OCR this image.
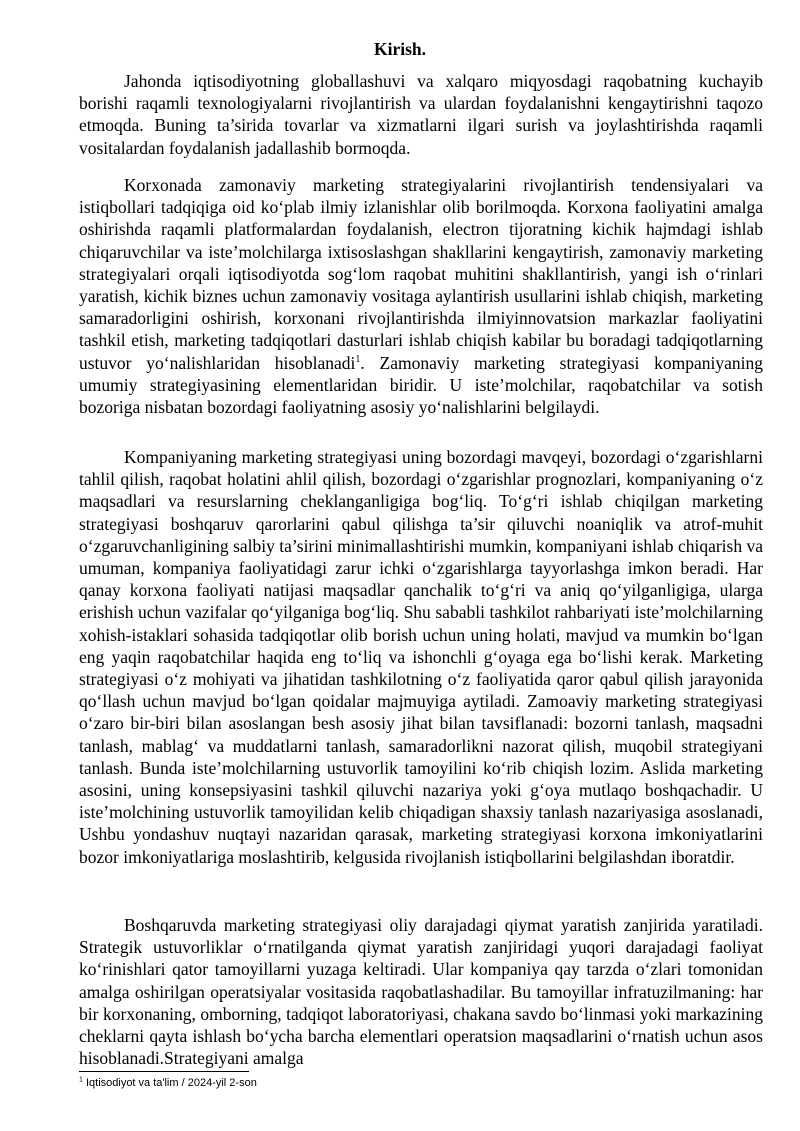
Kirish.

Jahonda iqtisodiyotning globallashuvi va xalqaro miqyosdagi raqobatning kuchayib borishi raqamli texnologiyalarni rivojlantirish va ulardan foydalanishni kengaytirishni taqozo etmoqda. Buning ta’sirida tovarlar va xizmatlarni ilgari surish va joylashtirishda raqamli vositalardan foydalanish jadallashib bormoqda.

Korxonada zamonaviy marketing strategiyalarini rivojlantirish tendensiyalari va istiqbollari tadqiqiga oid ko‘plab ilmiy izlanishlar olib borilmoqda. Korxona faoliyatini amalga oshirishda raqamli platformalardan foydalanish, electron tijoratning kichik hajmdagi ishlab chiqaruvchilar va iste’molchilarga ixtisoslashgan shakllarini kengaytirish, zamonaviy marketing strategiyalari orqali iqtisodiyotda sog‘lom raqobat muhitini shakllantirish, yangi ish o‘rinlari yaratish, kichik biznes uchun zamonaviy vositaga aylantirish usullarini ishlab chiqish, marketing samaradorligini oshirish, korxonani rivojlantirishda ilmiyinnovatsion markazlar faoliyatini tashkil etish, marketing tadqiqotlari dasturlari ishlab chiqish kabilar bu boradagi tadqiqotlarning ustuvor yo‘nalishlaridan hisoblanadi$^1$. Zamonaviy marketing strategiyasi kompaniyaning umumiy strategiyasining elementlaridan biridir. U iste’molchilar, raqobatchilar va sotish bozoriga nisbatan bozordagi faoliyatning asosiy yo‘nalishlarini belgilaydi.

Kompaniyaning marketing strategiyasi uning bozordagi mavqeyi, bozordagi o‘zgarishlarni tahlil qilish, raqobat holatini ahlil qilish, bozordagi o‘zgarishlar prognozlari, kompaniyaning o‘z maqsadlari va resurslarning cheklanganligiga bog‘liq. To‘g‘ri ishlab chiqilgan marketing strategiyasi boshqaruv qarorlarini qabul qilishga ta’sir qiluvchi noaniqlik va atrof-muhit o‘zgaruvchanligining salbiy ta’sirini minimallashtirishi mumkin, kompaniyani ishlab chiqarish va umuman, kompaniya faoliyatidagi zarur ichki o‘zgarishlarga tayyorlashga imkon beradi. Har qanay korxona faoliyati natijasi maqsadlar qanchalik to‘g‘ri va aniq qo‘yilganligiga, ularga erishish uchun vazifalar qo‘yilganiga bog‘liq. Shu sababli tashkilot rahbariyati iste’molchilarning xohish-istaklari sohasida tadqiqotlar olib borish uchun uning holati, mavjud va mumkin bo‘lgan eng yaqin raqobatchilar haqida eng to‘liq va ishonchli g‘oyaga ega bo‘lishi kerak. Marketing strategiyasi o‘z mohiyati va jihatidan tashkilotning o‘z faoliyatida qaror qabul qilish jarayonida qo‘llash uchun mavjud bo‘lgan qoidalar majmuyiga aytiladi. Zamoaviy marketing strategiyasi o‘zaro bir-biri bilan asoslangan besh asosiy jihat bilan tavsiflanadi: bozorni tanlash, maqsadni tanlash, mablag‘ va muddatlarni tanlash, samaradorlikni nazorat qilish, muqobil strategiyani tanlash. Bunda iste’molchilarning ustuvorlik tamoyilini ko‘rib chiqish lozim. Aslida marketing asosini, uning konsepsiyasini tashkil qiluvchi nazariya yoki g‘oya mutlaqo boshqachadir. U iste’molchining ustuvorlik tamoyilidan kelib chiqadigan shaxsiy tanlash nazariyasiga asoslanadi, Ushbu yondashuv nuqtayi nazaridan qarasak, marketing strategiyasi korxona imkoniyatlarini bozor imkoniyatlariga moslashtirib, kelgusida rivojlanish istiqbollarini belgilashdan iboratdir.

Boshqaruvda marketing strategiyasi oliy darajadagi qiymat yaratish zanjirida yaratiladi. Strategik ustuvorliklar o‘rnatilganda qiymat yaratish zanjiridagi yuqori darajadagi faoliyat ko‘rinishlari qator tamoyillarni yuzaga keltiradi. Ular kompaniya qay tarzda o‘zlari tomonidan amalga oshirilgan operatsiyalar vositasida raqobatlashadilar. Bu tamoyillar infratuzilmaning: har bir korxonaning, omborning, tadqiqot laboratoriyasi, chakana savdo bo‘linmasi yoki markazining cheklarni qayta ishlash bo‘ycha barcha elementlari operatsion maqsadlarini o‘rnatish uchun asos hisoblanadi.Strategiyani amalga

$^1$ Iqtisodiyot va ta'lim / 2024-yil 2-son
